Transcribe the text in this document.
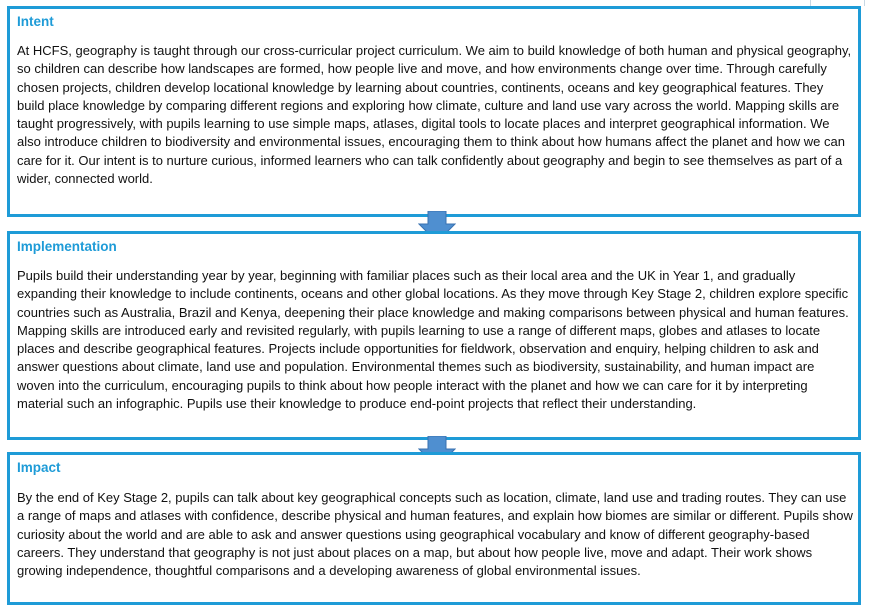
Intent

At HCFS, geography is taught through our cross-curricular project curriculum. We aim to build knowledge of both human and physical geography, so children can describe how landscapes are formed, how people live and move, and how environments change over time. Through carefully chosen projects, children develop locational knowledge by learning about countries, continents, oceans and key geographical features. They build place knowledge by comparing different regions and exploring how climate, culture and land use vary across the world. Mapping skills are taught progressively, with pupils learning to use simple maps, atlases, digital tools to locate places and interpret geographical information. We also introduce children to biodiversity and environmental issues, encouraging them to think about how humans affect the planet and how we can care for it. Our intent is to nurture curious, informed learners who can talk confidently about geography and begin to see themselves as part of a wider, connected world.

Implementation

Pupils build their understanding year by year, beginning with familiar places such as their local area and the UK in Year 1, and gradually expanding their knowledge to include continents, oceans and other global locations. As they move through Key Stage 2, children explore specific countries such as Australia, Brazil and Kenya, deepening their place knowledge and making comparisons between physical and human features. Mapping skills are introduced early and revisited regularly, with pupils learning to use a range of different maps, globes and atlases to locate places and describe geographical features. Projects include opportunities for fieldwork, observation and enquiry, helping children to ask and answer questions about climate, land use and population. Environmental themes such as biodiversity, sustainability, and human impact are woven into the curriculum, encouraging pupils to think about how people interact with the planet and how we can care for it by interpreting material such an infographic. Pupils use their knowledge to produce end-point projects that reflect their understanding.

Impact

By the end of Key Stage 2, pupils can talk about key geographical concepts such as location, climate, land use and trading routes. They can use a range of maps and atlases with confidence, describe physical and human features, and explain how biomes are similar or different. Pupils show curiosity about the world and are able to ask and answer questions using geographical vocabulary and know of different geography-based careers. They understand that geography is not just about places on a map, but about how people live, move and adapt. Their work shows growing independence, thoughtful comparisons and a developing awareness of global environmental issues.
